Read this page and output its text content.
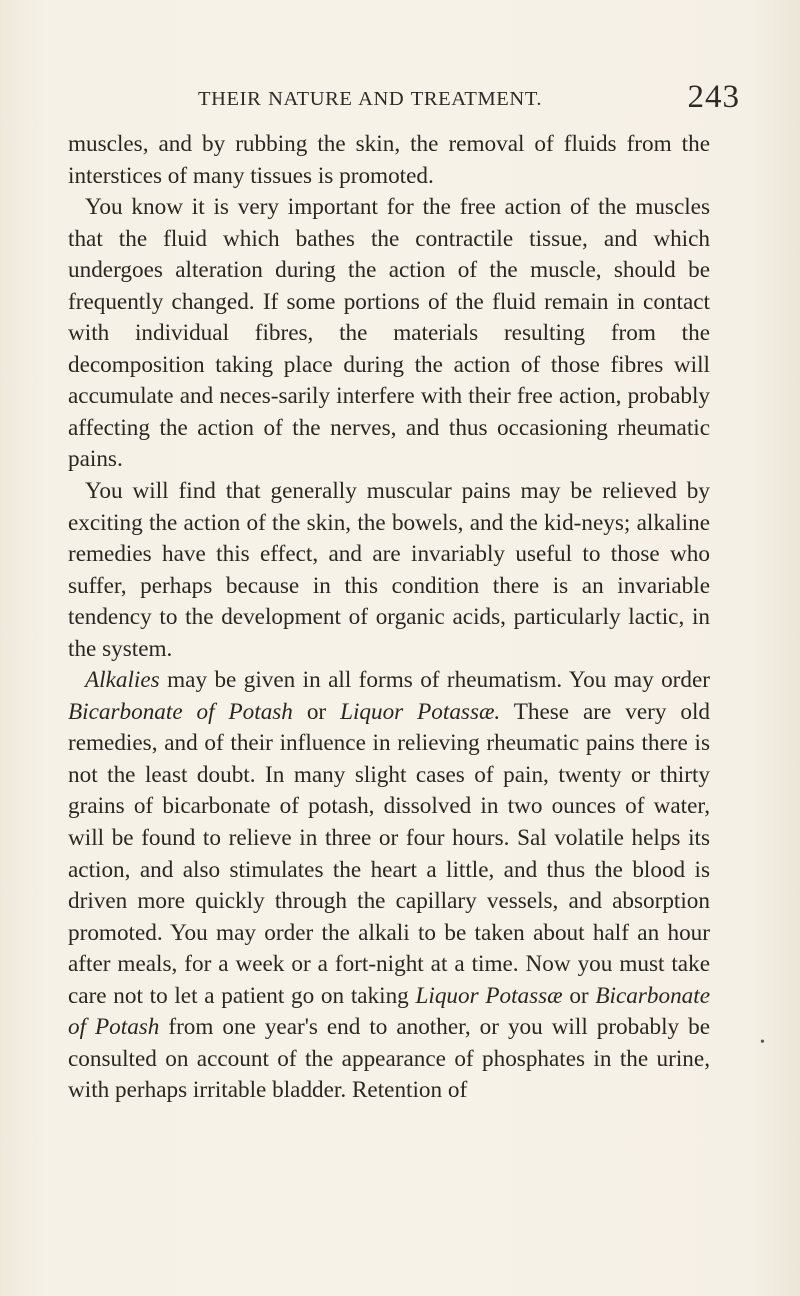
THEIR NATURE AND TREATMENT.	243

muscles, and by rubbing the skin, the removal of fluids from the interstices of many tissues is promoted.

You know it is very important for the free action of the muscles that the fluid which bathes the contractile tissue, and which undergoes alteration during the action of the muscle, should be frequently changed. If some portions of the fluid remain in contact with individual fibres, the materials resulting from the decomposition taking place during the action of those fibres will accumulate and neces-sarily interfere with their free action, probably affecting the action of the nerves, and thus occasioning rheumatic pains.

You will find that generally muscular pains may be relieved by exciting the action of the skin, the bowels, and the kid-neys; alkaline remedies have this effect, and are invariably useful to those who suffer, perhaps because in this condition there is an invariable tendency to the development of organic acids, particularly lactic, in the system.

Alkalies may be given in all forms of rheumatism. You may order Bicarbonate of Potash or Liquor Potassæ. These are very old remedies, and of their influence in relieving rheumatic pains there is not the least doubt. In many slight cases of pain, twenty or thirty grains of bicarbonate of potash, dissolved in two ounces of water, will be found to relieve in three or four hours. Sal volatile helps its action, and also stimulates the heart a little, and thus the blood is driven more quickly through the capillary vessels, and absorption promoted. You may order the alkali to be taken about half an hour after meals, for a week or a fort-night at a time. Now you must take care not to let a patient go on taking Liquor Potassæ or Bicarbonate of Potash from one year's end to another, or you will probably be consulted on account of the appearance of phosphates in the urine, with perhaps irritable bladder. Retention of

•
